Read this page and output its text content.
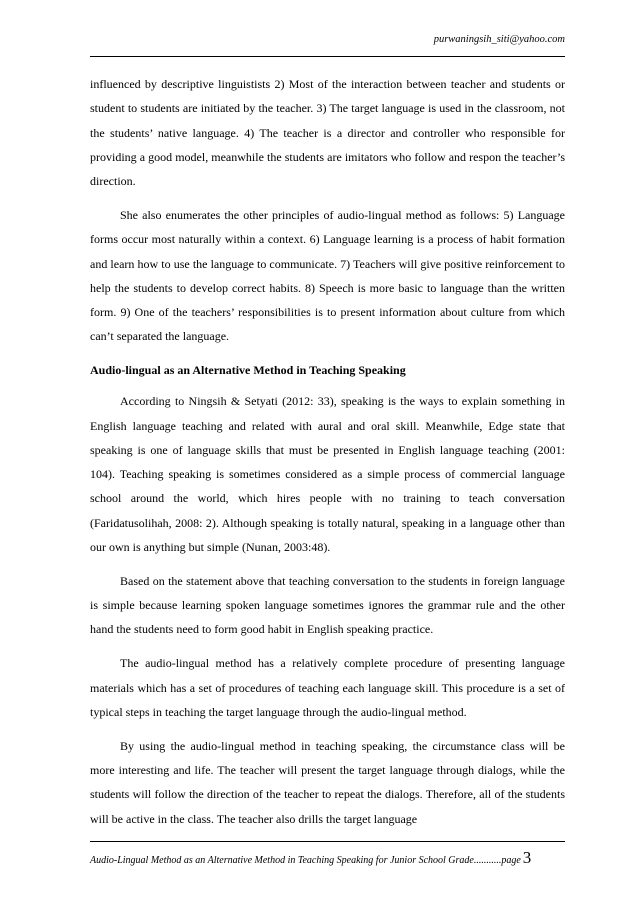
purwaningsih_siti@yahoo.com

influenced by descriptive linguistists 2) Most of the interaction between teacher and students or student to students are initiated by the teacher. 3) The target language is used in the classroom, not the students’ native language. 4) The teacher is a director and controller who responsible for providing a good model, meanwhile the students are imitators who follow and respon the teacher’s direction.

She also enumerates the other principles of audio-lingual method as follows: 5) Language forms occur most naturally within a context. 6) Language learning is a process of habit formation and learn how to use the language to communicate. 7) Teachers will give positive reinforcement to help the students to develop correct habits. 8) Speech is more basic to language than the written form. 9) One of the teachers’ responsibilities is to present information about culture from which can’t separated the language.

Audio-lingual as an Alternative Method in Teaching Speaking

According to Ningsih & Setyati (2012: 33), speaking is the ways to explain something in English language teaching and related with aural and oral skill. Meanwhile, Edge state that speaking is one of language skills that must be presented in English language teaching (2001: 104). Teaching speaking is sometimes considered as a simple process of commercial language school around the world, which hires people with no training to teach conversation (Faridatusolihah, 2008: 2). Although speaking is totally natural, speaking in a language other than our own is anything but simple (Nunan, 2003:48).

Based on the statement above that teaching conversation to the students in foreign language is simple because learning spoken language sometimes ignores the grammar rule and the other hand the students need to form good habit in English speaking practice.

The audio-lingual method has a relatively complete procedure of presenting language materials which has a set of procedures of teaching each language skill. This procedure is a set of typical steps in teaching the target language through the audio-lingual method.

By using the audio-lingual method in teaching speaking, the circumstance class will be more interesting and life. The teacher will present the target language through dialogs, while the students will follow the direction of the teacher to repeat the dialogs. Therefore, all of the students will be active in the class. The teacher also drills the target language

Audio-Lingual Method as an Alternative Method in Teaching Speaking for Junior School Grade...........page 3
